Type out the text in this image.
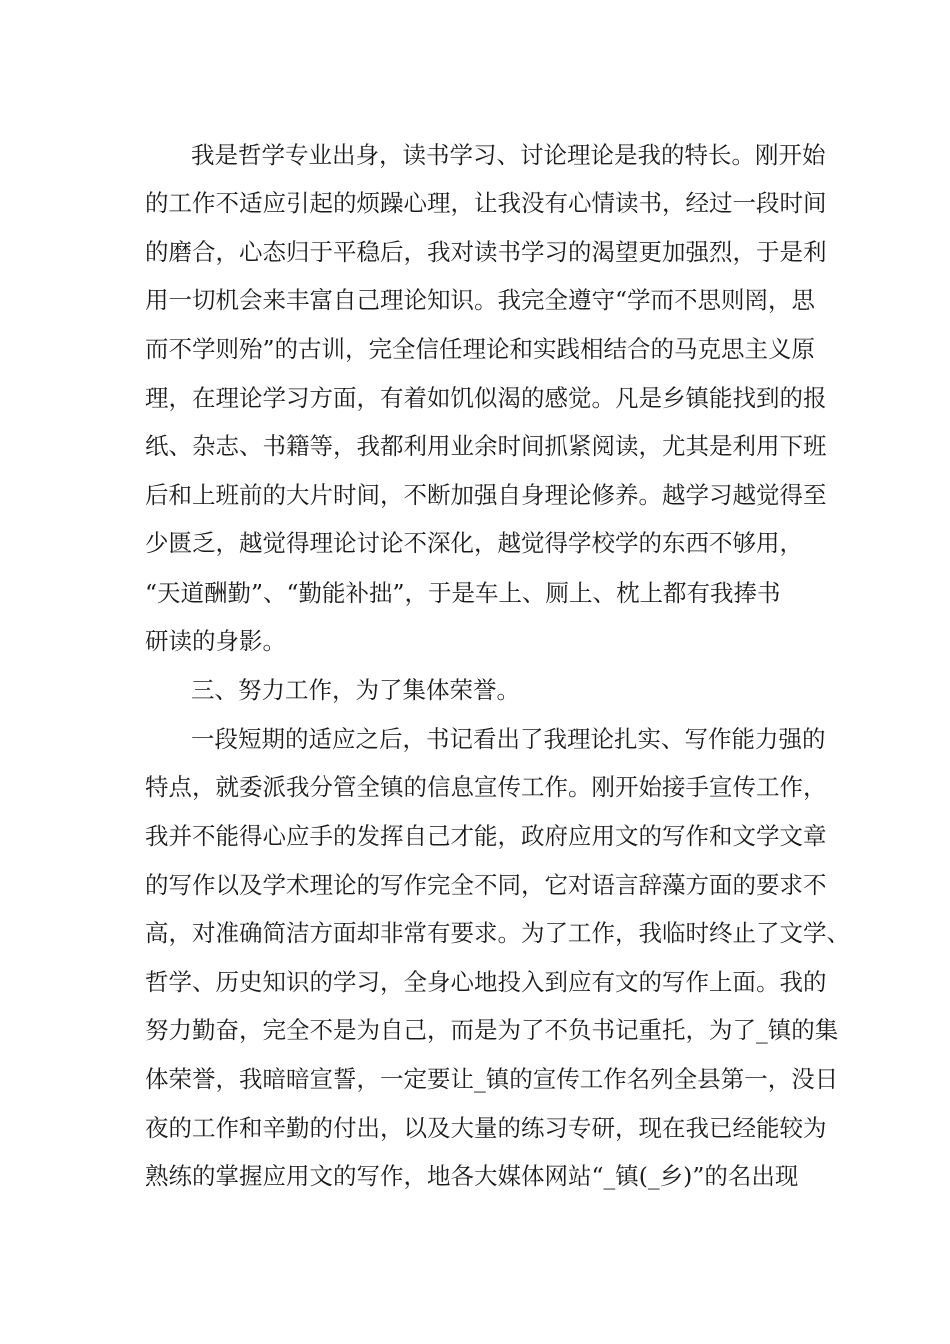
我是哲学专业出身，读书学习、讨论理论是我的特长。刚开始
的工作不适应引起的烦躁心理，让我没有心情读书，经过一段时间
的磨合，心态归于平稳后，我对读书学习的渴望更加强烈，于是利
用一切机会来丰富自己理论知识。我完全遵守“学而不思则罔，思
而不学则殆”的古训，完全信任理论和实践相结合的马克思主义原
理，在理论学习方面，有着如饥似渴的感觉。凡是乡镇能找到的报
纸、杂志、书籍等，我都利用业余时间抓紧阅读，尤其是利用下班
后和上班前的大片时间，不断加强自身理论修养。越学习越觉得至
少匮乏，越觉得理论讨论不深化，越觉得学校学的东西不够用，
“天道酬勤”、“勤能补拙”，于是车上、厕上、枕上都有我捧书
研读的身影。
三、努力工作，为了集体荣誉。
一段短期的适应之后，书记看出了我理论扎实、写作能力强的
特点，就委派我分管全镇的信息宣传工作。刚开始接手宣传工作，
我并不能得心应手的发挥自己才能，政府应用文的写作和文学文章
的写作以及学术理论的写作完全不同，它对语言辞藻方面的要求不
高，对准确简洁方面却非常有要求。为了工作，我临时终止了文学、
哲学、历史知识的学习，全身心地投入到应有文的写作上面。我的
努力勤奋，完全不是为自己，而是为了不负书记重托，为了_镇的集
体荣誉，我暗暗宣誓，一定要让_镇的宣传工作名列全县第一，没日
夜的工作和辛勤的付出，以及大量的练习专研，现在我已经能较为
熟练的掌握应用文的写作，地各大媒体网站“_镇(_乡)”的名出现
